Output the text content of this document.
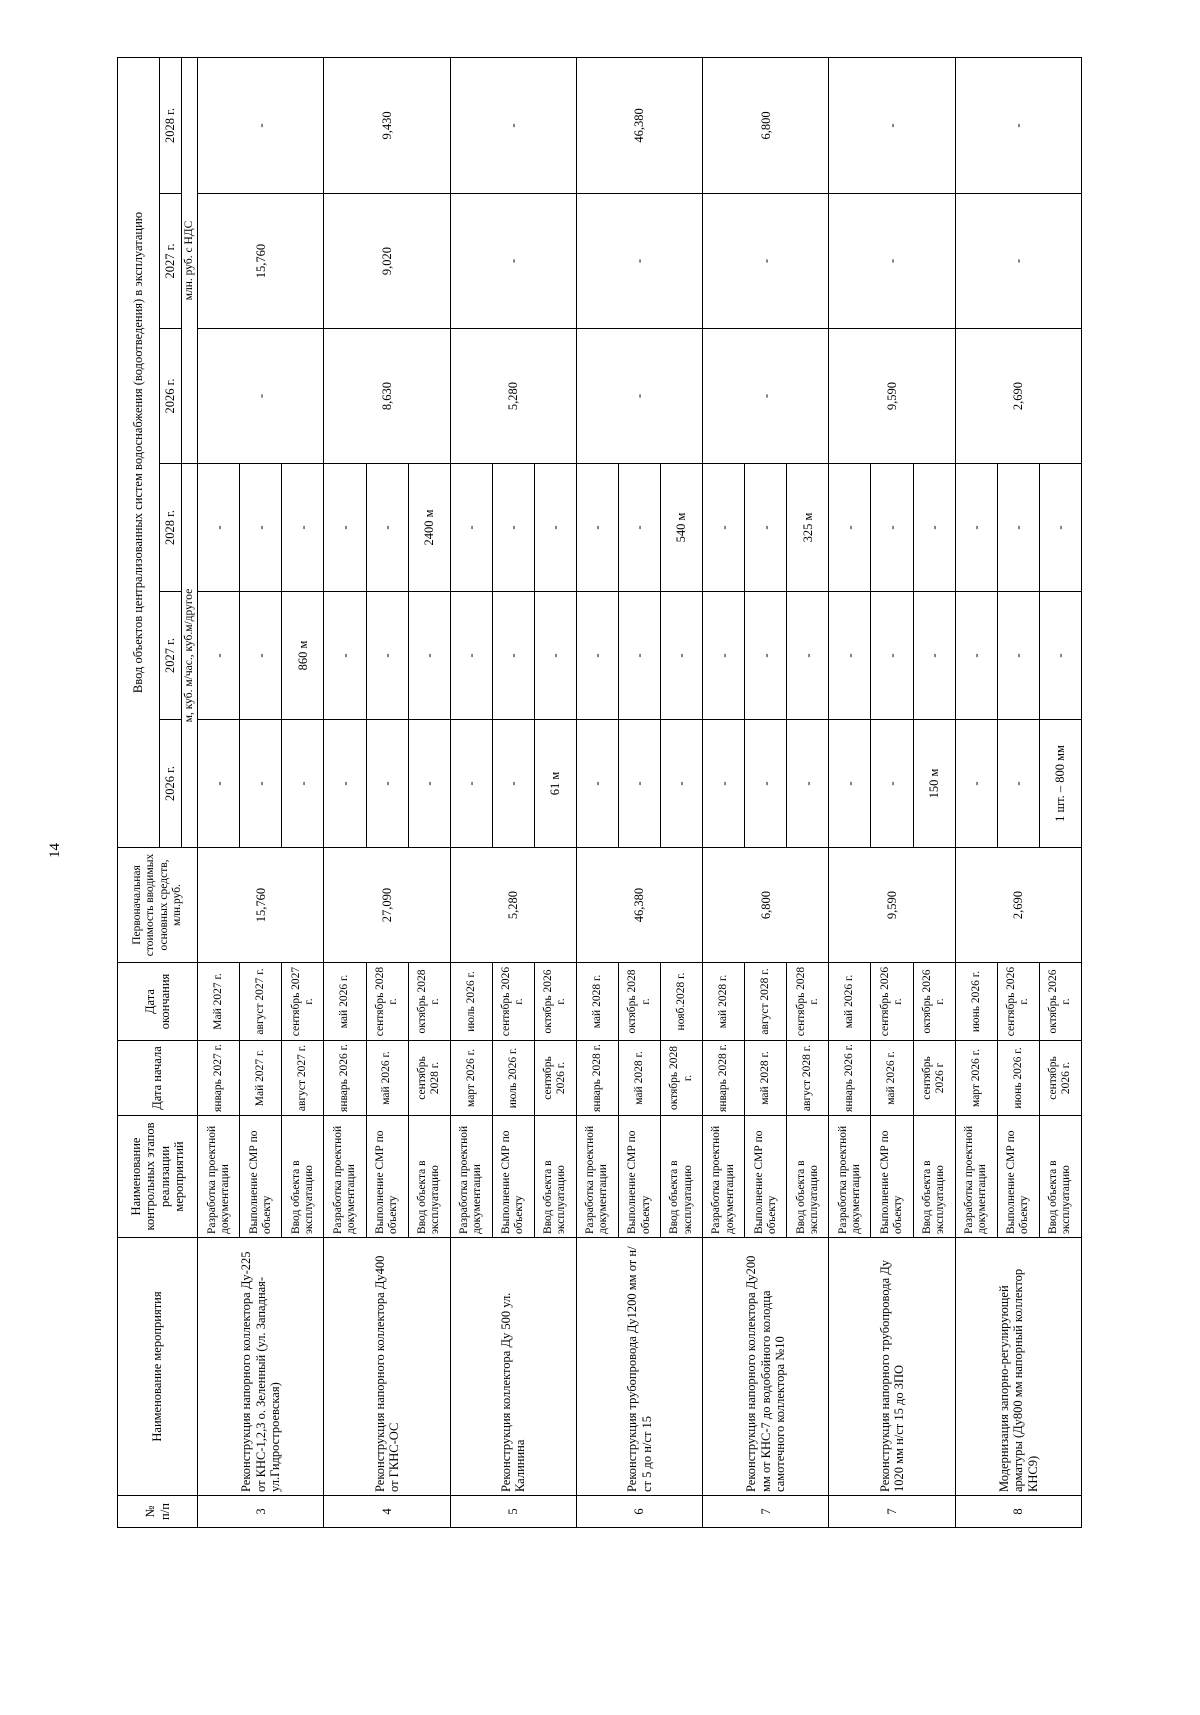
14
№ п/п	Наименование мероприятия	Наименование контрольных этапов реализации мероприятий	Дата начала	Дата окончания	Первоначальная стоимость вводимых основных средств, млн.руб.	Ввод объектов централизованных систем водоснабжения (водоотведения) в эксплуатацию					
						2026 г.	2027 г.	2028 г.	2026 г.	2027 г.	2028 г.
						м, куб. м/час., куб.м/другое			млн. руб. с НДС		
3	Реконструкция напорного коллектора Ду-225 от КНС-1,2,3 о. Зеленный (ул. Западная-ул.Гидростроевская)	Разработка проектной документации	январь 2027 г.	Май 2027 г.	15,760	-	-	-	-	15,760	-
		Выполнение СМР по объекту	Май 2027 г.	август 2027 г.		-	-	-			
		Ввод объекта в эксплуатацию	август 2027 г.	сентябрь 2027 г.		-	860 м	-			
4	Реконструкция напорного коллектора Ду400 от ГКНС-ОС	Разработка проектной документации	январь 2026 г.	май 2026 г.	27,090	-	-	-	8,630	9,020	9,430
		Выполнение СМР по объекту	май 2026 г.	сентябрь 2028 г.		-	-	-			
		Ввод объекта в эксплуатацию	сентябрь 2028 г.	октябрь 2028 г.		-	-	2400 м			
5	Реконструкция коллектора Ду 500 ул. Калинина	Разработка проектной документации	март 2026 г.	июль 2026 г.	5,280	-	-	-	5,280	-	-
		Выполнение СМР по объекту	июль 2026 г.	сентябрь 2026 г.		-	-	-			
		Ввод объекта в эксплуатацию	сентябрь 2026 г.	октябрь 2026 г.		61 м	-	-			
6	Реконструкция трубопровода Ду1200 мм от н/ст 5 до н/ст 15	Разработка проектной документации	январь 2028 г.	май 2028 г.	46,380	-	-	-	-	-	46,380
		Выполнение СМР по объекту	май 2028 г.	октябрь 2028 г.		-	-	-			
		Ввод объекта в эксплуатацию	октябрь 2028 г.	нояб.2028 г.		-	-	540 м			
7	Реконструкция напорного коллектора Ду200 мм от КНС-7 до водобойного колодца самотечного коллектора №10	Разработка проектной документации	январь 2028 г.	май 2028 г.	6,800	-	-	-	-	-	6,800
		Выполнение СМР по объекту	май 2028 г.	август 2028 г.		-	-	-			
		Ввод объекта в эксплуатацию	август 2028 г.	сентябрь 2028 г.		-	-	325 м			
7	Реконструкция напорного трубопровода Ду 1020 мм н/ст 15 до ЗПО	Разработка проектной документации	январь 2026 г.	май 2026 г.	9,590	-	-	-	9,590	-	-
		Выполнение СМР по объекту	май 2026 г.	сентябрь 2026 г.		-	-	-			
		Ввод объекта в эксплуатацию	сентябрь 2026 г	октябрь 2026 г.		150 м	-	-			
8	Модернизация запорно-регулирующей арматуры (Ду800 мм напорный коллектор КНС9)	Разработка проектной документации	март 2026 г.	июнь 2026 г.	2,690	-	-	-	2,690	-	-
		Выполнение СМР по объекту	июнь 2026 г.	сентябрь 2026 г.		-	-	-			
		Ввод объекта в эксплуатацию	сентябрь 2026 г.	октябрь 2026 г.		1 шт. – 800 мм	-	-			
